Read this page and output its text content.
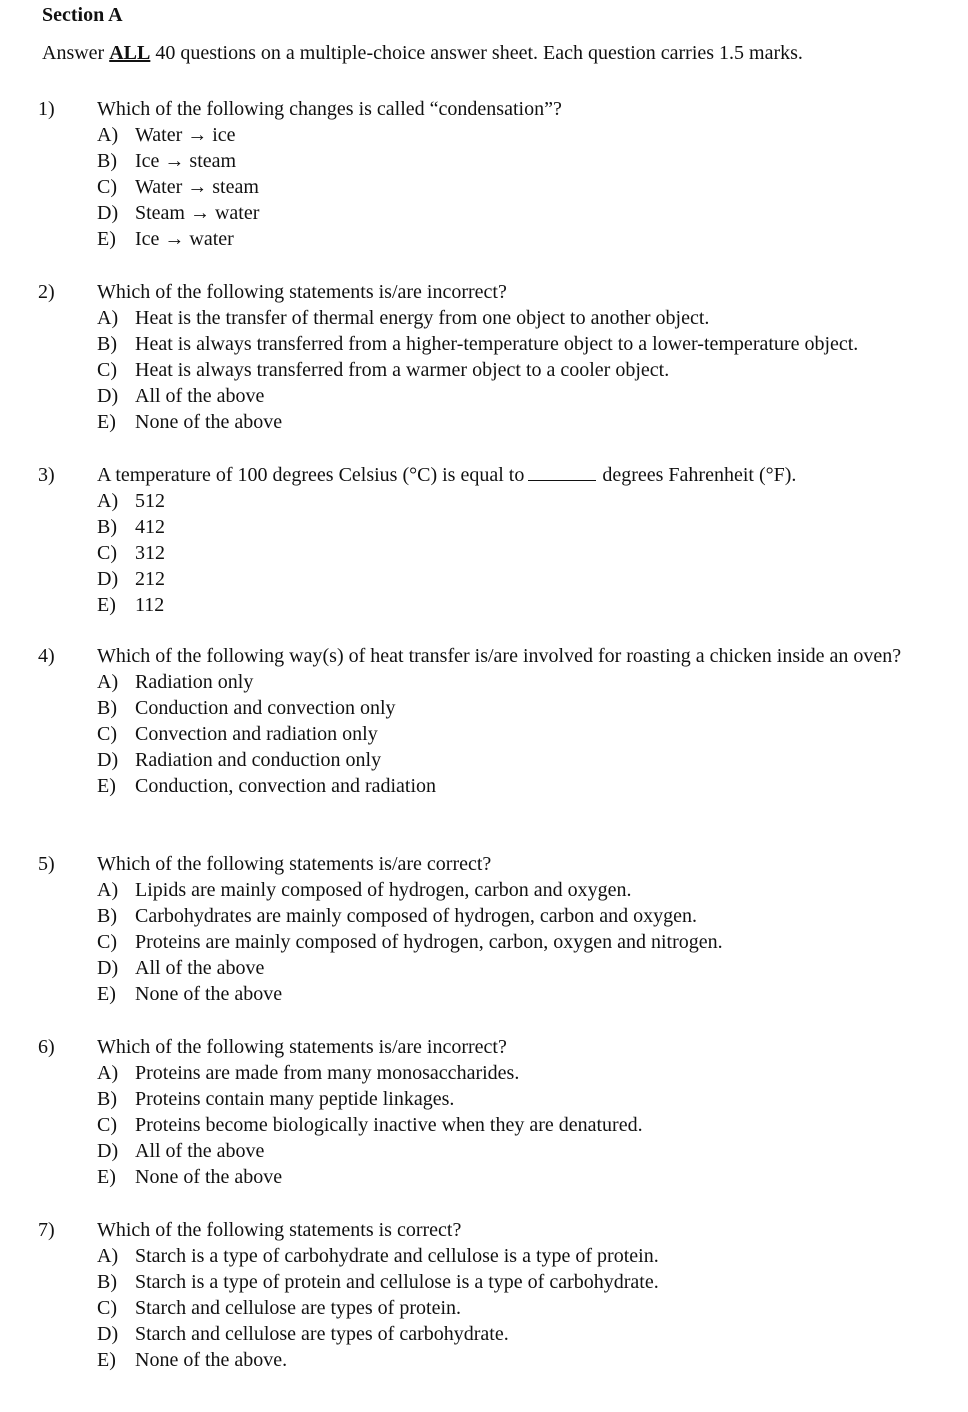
Section A
Answer ALL 40 questions on a multiple-choice answer sheet. Each question carries 1.5 marks.
1) Which of the following changes is called “condensation”?
A) Water → ice
B) Ice → steam
C) Water → steam
D) Steam → water
E) Ice → water
2) Which of the following statements is/are incorrect?
A) Heat is the transfer of thermal energy from one object to another object.
B) Heat is always transferred from a higher-temperature object to a lower-temperature object.
C) Heat is always transferred from a warmer object to a cooler object.
D) All of the above
E) None of the above
3) A temperature of 100 degrees Celsius (°C) is equal to	degrees Fahrenheit (°F).
A) 512
B) 412
C) 312
D) 212
E) 112
4) Which of the following way(s) of heat transfer is/are involved for roasting a chicken inside an oven?
A) Radiation only
B) Conduction and convection only
C) Convection and radiation only
D) Radiation and conduction only
E) Conduction, convection and radiation
5) Which of the following statements is/are correct?
A) Lipids are mainly composed of hydrogen, carbon and oxygen.
B) Carbohydrates are mainly composed of hydrogen, carbon and oxygen.
C) Proteins are mainly composed of hydrogen, carbon, oxygen and nitrogen.
D) All of the above
E) None of the above
6) Which of the following statements is/are incorrect?
A) Proteins are made from many monosaccharides.
B) Proteins contain many peptide linkages.
C) Proteins become biologically inactive when they are denatured.
D) All of the above
E) None of the above
7) Which of the following statements is correct?
A) Starch is a type of carbohydrate and cellulose is a type of protein.
B) Starch is a type of protein and cellulose is a type of carbohydrate.
C) Starch and cellulose are types of protein.
D) Starch and cellulose are types of carbohydrate.
E) None of the above.
